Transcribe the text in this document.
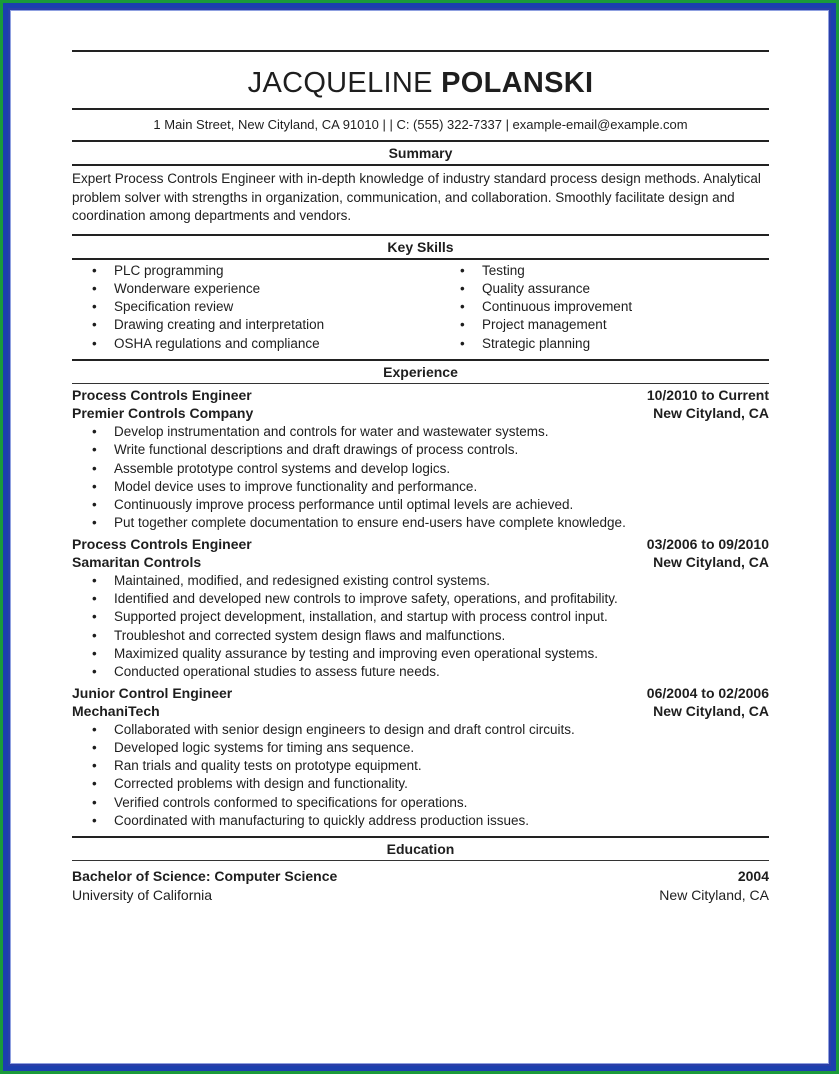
JACQUELINE POLANSKI
1 Main Street, New Cityland, CA 91010 | | C: (555) 322-7337 | example-email@example.com
Summary
Expert Process Controls Engineer with in-depth knowledge of industry standard process design methods. Analytical problem solver with strengths in organization, communication, and collaboration. Smoothly facilitate design and coordination among departments and vendors.
Key Skills
• PLC programming
• Wonderware experience
• Specification review
• Drawing creating and interpretation
• OSHA regulations and compliance
• Testing
• Quality assurance
• Continuous improvement
• Project management
• Strategic planning
Experience
Process Controls Engineer	10/2010 to Current
Premier Controls Company	New Cityland, CA
• Develop instrumentation and controls for water and wastewater systems.
• Write functional descriptions and draft drawings of process controls.
• Assemble prototype control systems and develop logics.
• Model device uses to improve functionality and performance.
• Continuously improve process performance until optimal levels are achieved.
• Put together complete documentation to ensure end-users have complete knowledge.
Process Controls Engineer	03/2006 to 09/2010
Samaritan Controls	New Cityland, CA
• Maintained, modified, and redesigned existing control systems.
• Identified and developed new controls to improve safety, operations, and profitability.
• Supported project development, installation, and startup with process control input.
• Troubleshot and corrected system design flaws and malfunctions.
• Maximized quality assurance by testing and improving even operational systems.
• Conducted operational studies to assess future needs.
Junior Control Engineer	06/2004 to 02/2006
MechaniTech	New Cityland, CA
• Collaborated with senior design engineers to design and draft control circuits.
• Developed logic systems for timing ans sequence.
• Ran trials and quality tests on prototype equipment.
• Corrected problems with design and functionality.
• Verified controls conformed to specifications for operations.
• Coordinated with manufacturing to quickly address production issues.
Education
Bachelor of Science: Computer Science	2004
University of California	New Cityland, CA
